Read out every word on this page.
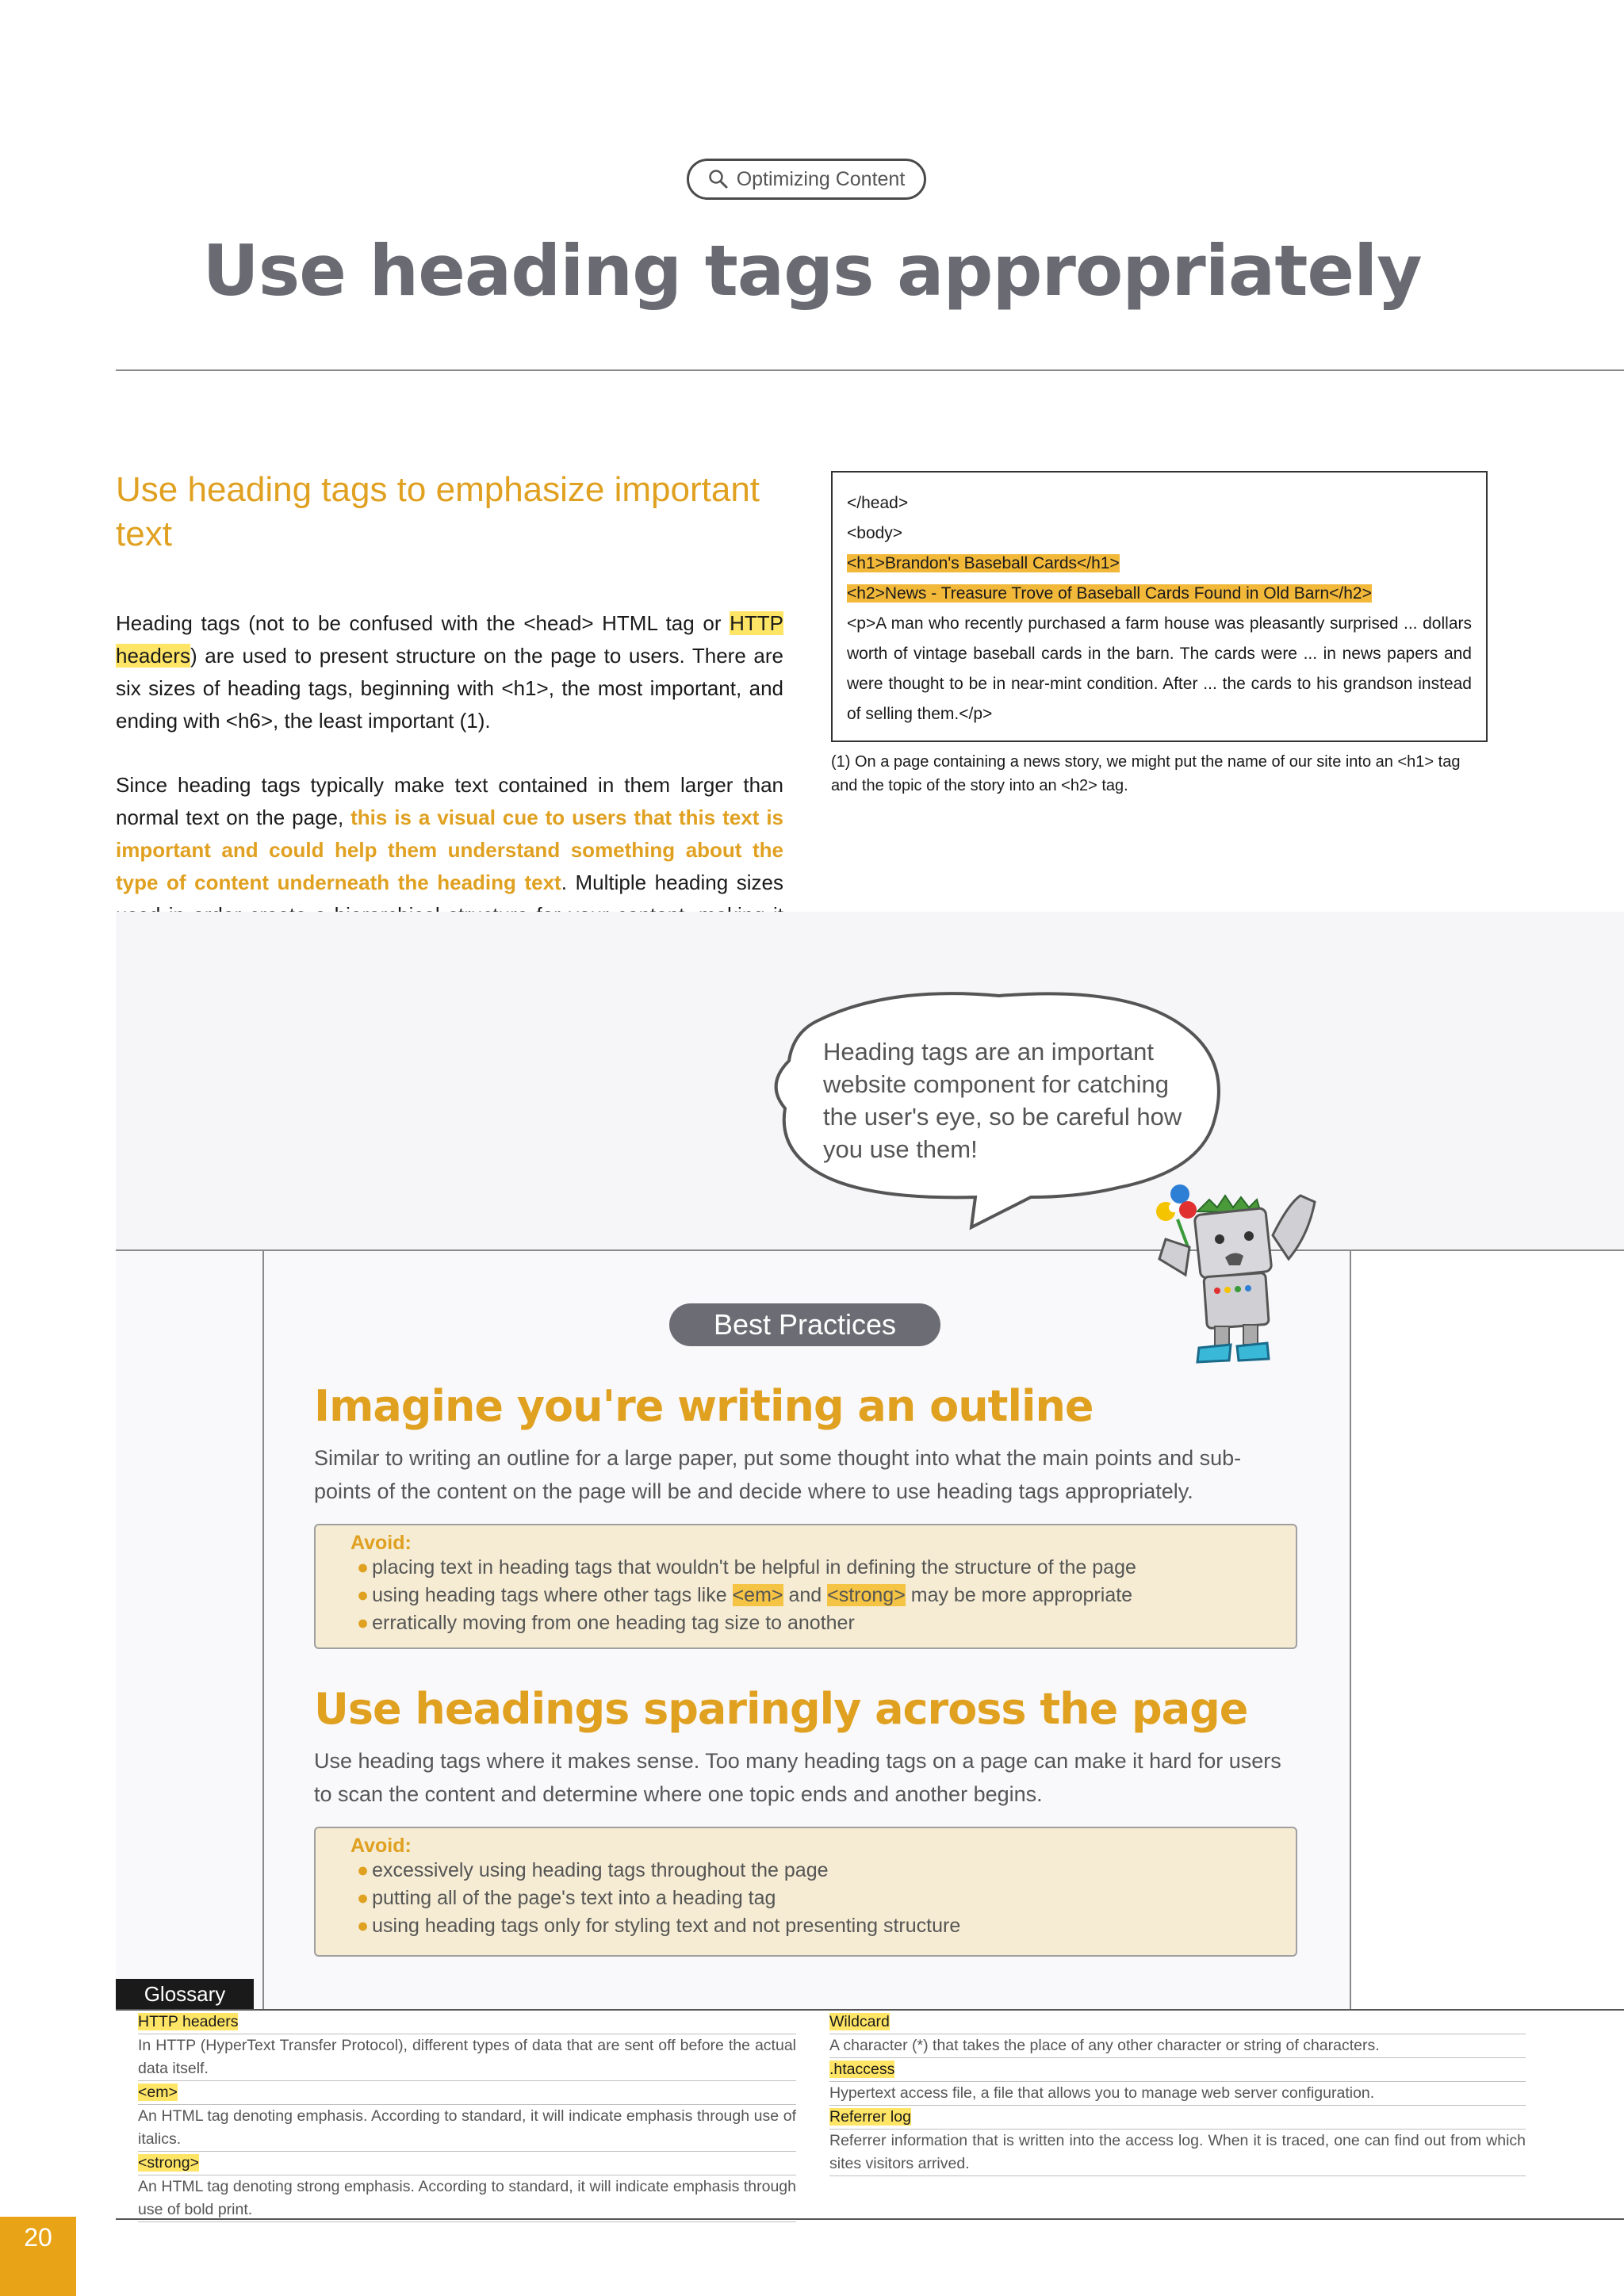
Optimizing Content
Use heading tags appropriately
Use heading tags to emphasize important text

Heading tags (not to be confused with the <head> HTML tag or HTTP headers) are used to present structure on the page to users. There are six sizes of heading tags, beginning with <h1>, the most important, and ending with <h6>, the least important (1).

Since heading tags typically make text contained in them larger than normal text on the page, this is a visual cue to users that this text is important and could help them understand something about the type of content underneath the heading text. Multiple heading sizes

</head>
<body>
<h1>Brandon's Baseball Cards</h1>
<h2>News - Treasure Trove of Baseball Cards Found in Old Barn</h2>
<p>A man who recently purchased a farm house was pleasantly surprised ... dollars worth of vintage baseball cards in the barn. The cards were ... in news papers and were thought to be in near-mint condition. After ... the cards to his grandson instead of selling them.</p>
(1) On a page containing a news story, we might put the name of our site into an <h1> tag and the topic of the story into an <h2> tag.
Heading tags are an important website component for catching the user's eye, so be careful how you use them!
Best Practices
Imagine you're writing an outline
Similar to writing an outline for a large paper, put some thought into what the main points and sub-points of the content on the page will be and decide where to use heading tags appropriately.
Avoid:
● placing text in heading tags that wouldn't be helpful in defining the structure of the page
● using heading tags where other tags like <em> and <strong> may be more appropriate
● erratically moving from one heading tag size to another
Use headings sparingly across the page
Use heading tags where it makes sense. Too many heading tags on a page can make it hard for users to scan the content and determine where one topic ends and another begins.
Avoid:
● excessively using heading tags throughout the page
● putting all of the page's text into a heading tag
● using heading tags only for styling text and not presenting structure
Glossary
HTTP headers
In HTTP (HyperText Transfer Protocol), different types of data that are sent off before the actual data itself.
<em>
An HTML tag denoting emphasis. According to standard, it will indicate emphasis through use of italics.
<strong>
An HTML tag denoting strong emphasis. According to standard, it will indicate emphasis through use of bold print.
Wildcard
A character (*) that takes the place of any other character or string of characters.
.htaccess
Hypertext access file, a file that allows you to manage web server configuration.
Referrer log
Referrer information that is written into the access log. When it is traced, one can find out from which sites visitors arrived.
20
